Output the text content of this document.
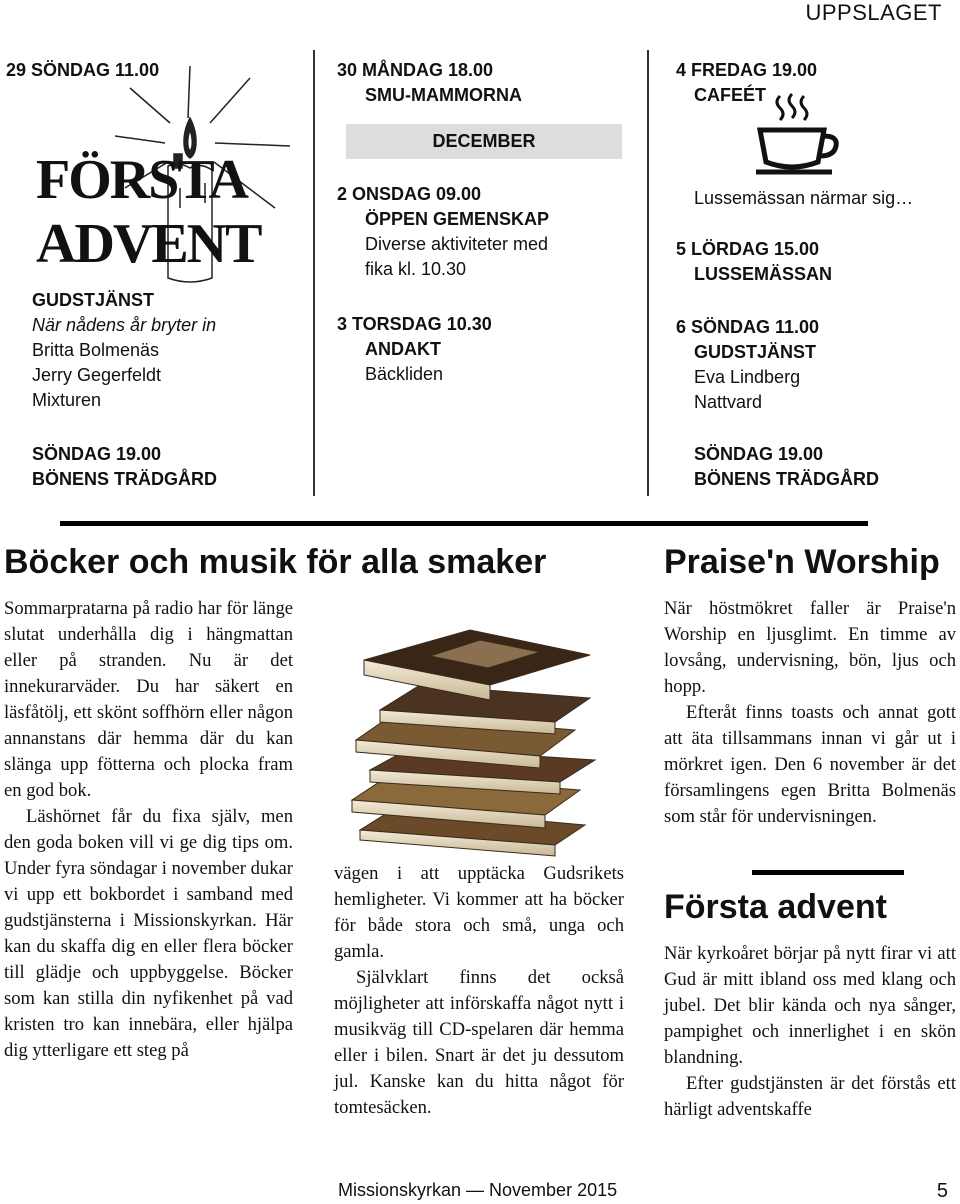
UPPSLAGET
29 SÖNDAG 11.00
FÖRSTA
ADVENT
GUDSTJÄNST
När nådens år bryter in
Britta Bolmenäs
Jerry Gegerfeldt
Mixturen
SÖNDAG 19.00
BÖNENS TRÄDGÅRD
30 MÅNDAG 18.00
SMU-MAMMORNA
DECEMBER
2 ONSDAG 09.00
ÖPPEN GEMENSKAP
Diverse aktiviteter med
fika kl. 10.30
3 TORSDAG 10.30
ANDAKT
Bäckliden
4 FREDAG 19.00
CAFEÉT
Lussemässan närmar sig…
5 LÖRDAG 15.00
LUSSEMÄSSAN
6 SÖNDAG 11.00
GUDSTJÄNST
Eva Lindberg
Nattvard
SÖNDAG 19.00
BÖNENS TRÄDGÅRD
Böcker och musik för alla smaker

Sommarpratarna på radio har för länge slutat underhålla dig i hängmattan eller på stranden. Nu är det innekurarväder. Du har säkert en läsfåtölj, ett skönt soffhörn eller någon annanstans där hemma där du kan slänga upp fötterna och plocka fram en god bok.

Läshörnet får du fixa själv, men den goda boken vill vi ge dig tips om. Under fyra söndagar i november dukar vi upp ett bokbordet i samband med gudstjänsterna i Missionskyrkan. Här kan du skaffa dig en eller flera böcker till glädje och uppbyggelse. Böcker som kan stilla din nyfikenhet på vad kristen tro kan innebära, eller hjälpa dig ytterligare ett steg på

vägen i att upptäcka Gudsrikets hemligheter. Vi kommer att ha böcker för både stora och små, unga och gamla.

Självklart finns det också möjligheter att införskaffa något nytt i musikväg till CD-spelaren där hemma eller i bilen. Snart är det ju dessutom jul. Kanske kan du hitta något för tomtesäcken.

Praise'n Worship

När höstmökret faller är Praise'n Worship en ljusglimt. En timme av lovsång, undervisning, bön, ljus och hopp.

Efteråt finns toasts och annat gott att äta tillsammans innan vi går ut i mörkret igen. Den 6 november är det församlingens egen Britta Bolmenäs som står för undervisningen.

Första advent

När kyrkoåret börjar på nytt firar vi att Gud är mitt ibland oss med klang och jubel. Det blir kända och nya sånger, pampighet och innerlighet i en skön blandning.

Efter gudstjänsten är det förstås ett härligt adventskaffe

Missionskyrkan — November 2015	5
